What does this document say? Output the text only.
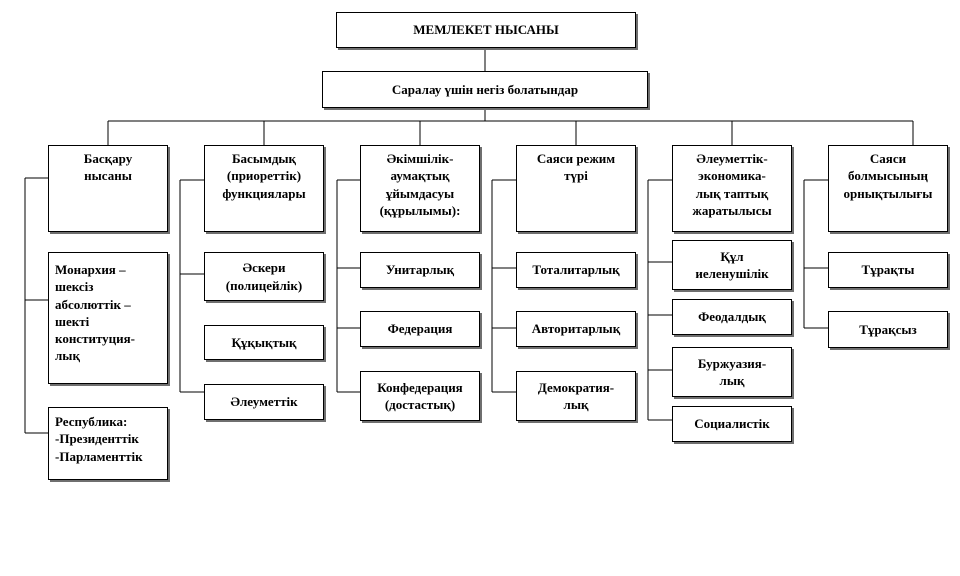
МЕМЛЕКЕТ НЫСАНЫ
Саралау үшін негіз болатындар
Басқару
нысаны
Басымдық
(приореттік)
функциялары
Әкімшілік-
аумақтық
ұйымдасуы
(құрылымы):
Саяси режим
түрі
Әлеуметтік-
экономика-
лық таптық
жаратылысы
Саяси
болмысының
орнықтылығы
Монархия –
шексіз
абсолюттік –
шекті
конституция-
лық
Республика:
-Президенттік
-Парламенттік
Әскери
(полицейлік)
Құқықтық
Әлеуметтік
Унитарлық
Федерация
Конфедерация
(достастық)
Тоталитарлық
Авторитарлық
Демократия-
лық
Құл
иеленушілік
Феодалдық
Буржуазия-
лық
Социалистік
Тұрақты
Тұрақсыз
